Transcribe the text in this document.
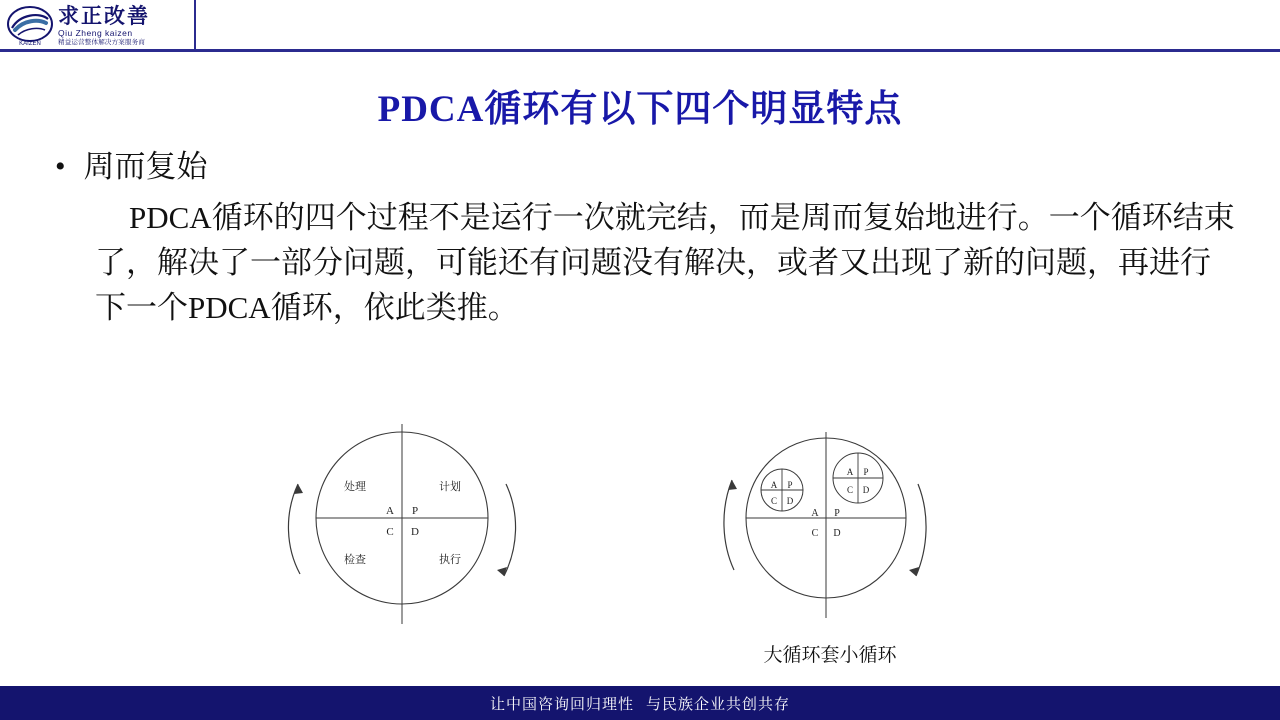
KAIZEN
求正改善
Qiu Zheng kaizen
精益运营整体解决方案服务商
PDCA循环有以下四个明显特点
• 周而复始
PDCA循环的四个过程不是运行一次就完结，而是周而复始地进行。一个循环结束了，解决了一部分问题，可能还有问题没有解决，或者又出现了新的问题，再进行下一个PDCA循环，依此类推。
处理	计划
检查	执行
A P
C D
A P
C D
A P
C D
A P
C D
大循环套小循环
让中国咨询回归理性 与民族企业共创共存
